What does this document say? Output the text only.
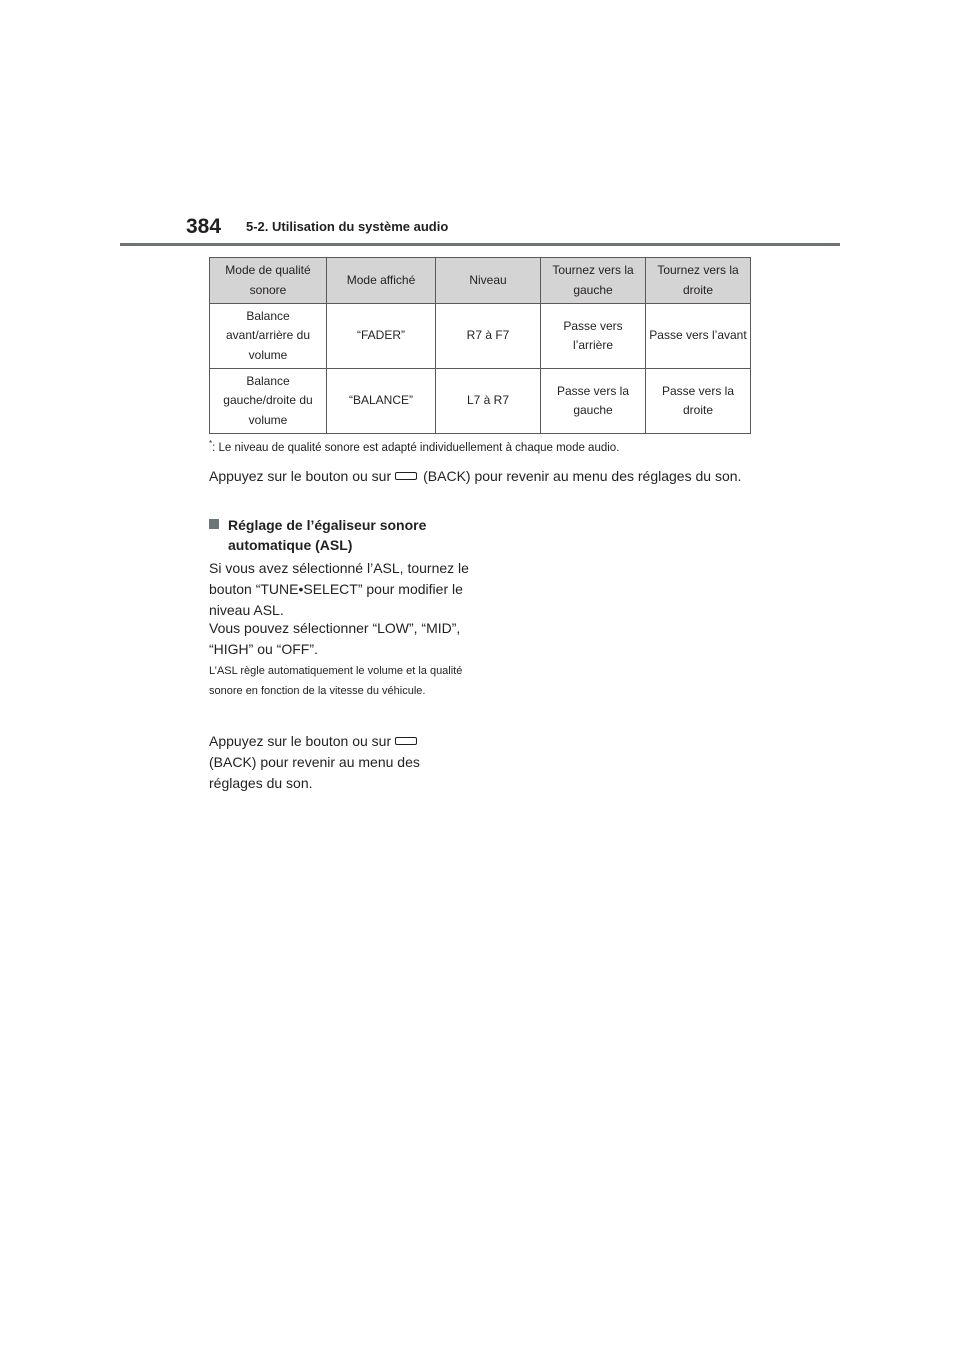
384 5-2. Utilisation du système audio
Mode de qualité sonore	Mode affiché	Niveau	Tournez vers la gauche	Tournez vers la droite
Balance avant/arrière du volume	“FADER”	R7 à F7	Passe vers l’arrière	Passe vers l’avant
Balance gauche/droite du volume	“BALANCE”	L7 à R7	Passe vers la gauche	Passe vers la droite
*: Le niveau de qualité sonore est adapté individuellement à chaque mode audio.
Appuyez sur le bouton ou sur (BACK) pour revenir au menu des réglages du son.
Réglage de l’égaliseur sonore automatique (ASL)
Si vous avez sélectionné l’ASL, tournez le bouton “TUNE•SELECT” pour modifier le niveau ASL.
Vous pouvez sélectionner “LOW”, “MID”, “HIGH” ou “OFF”.
L’ASL règle automatiquement le volume et la qualité sonore en fonction de la vitesse du véhicule.
Appuyez sur le bouton ou sur(BACK) pour revenir au menu des réglages du son.
